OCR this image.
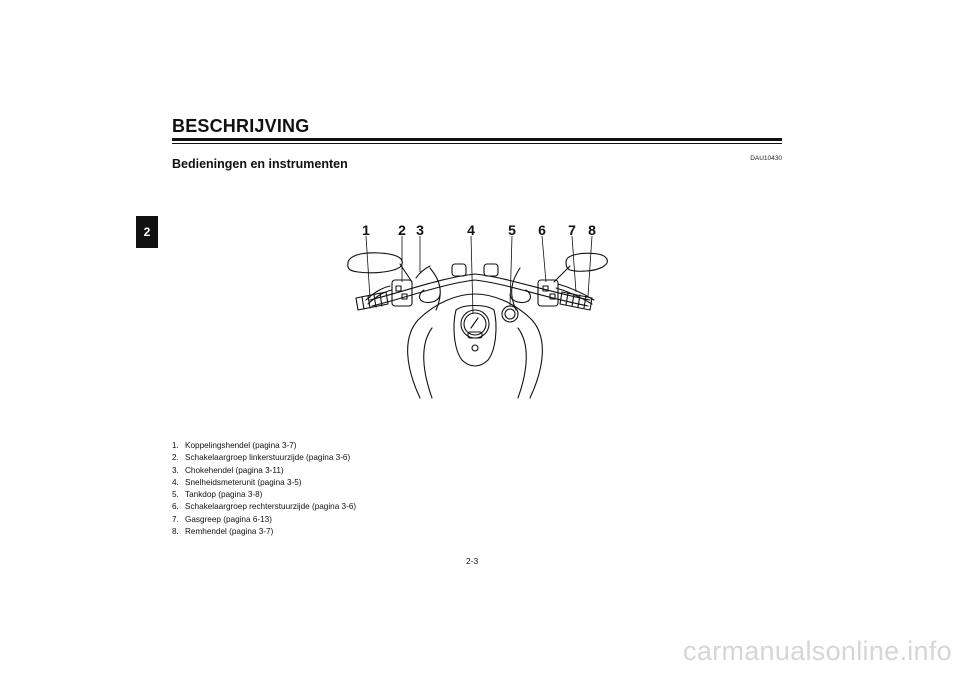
BESCHRIJVING
2
DAU10430
Bedieningen en instrumenten
1 2 3	4 5 6 7 8
1. Koppelingshendel (pagina 3-7)
2. Schakelaargroep linkerstuurzijde (pagina 3-6)
3. Chokehendel (pagina 3-11)
4. Snelheidsmeterunit (pagina 3-5)
5. Tankdop (pagina 3-8)
6. Schakelaargroep rechterstuurzijde (pagina 3-6)
7. Gasgreep (pagina 6-13)
8. Remhendel (pagina 3-7)
2-3
carmanualsonline.info
